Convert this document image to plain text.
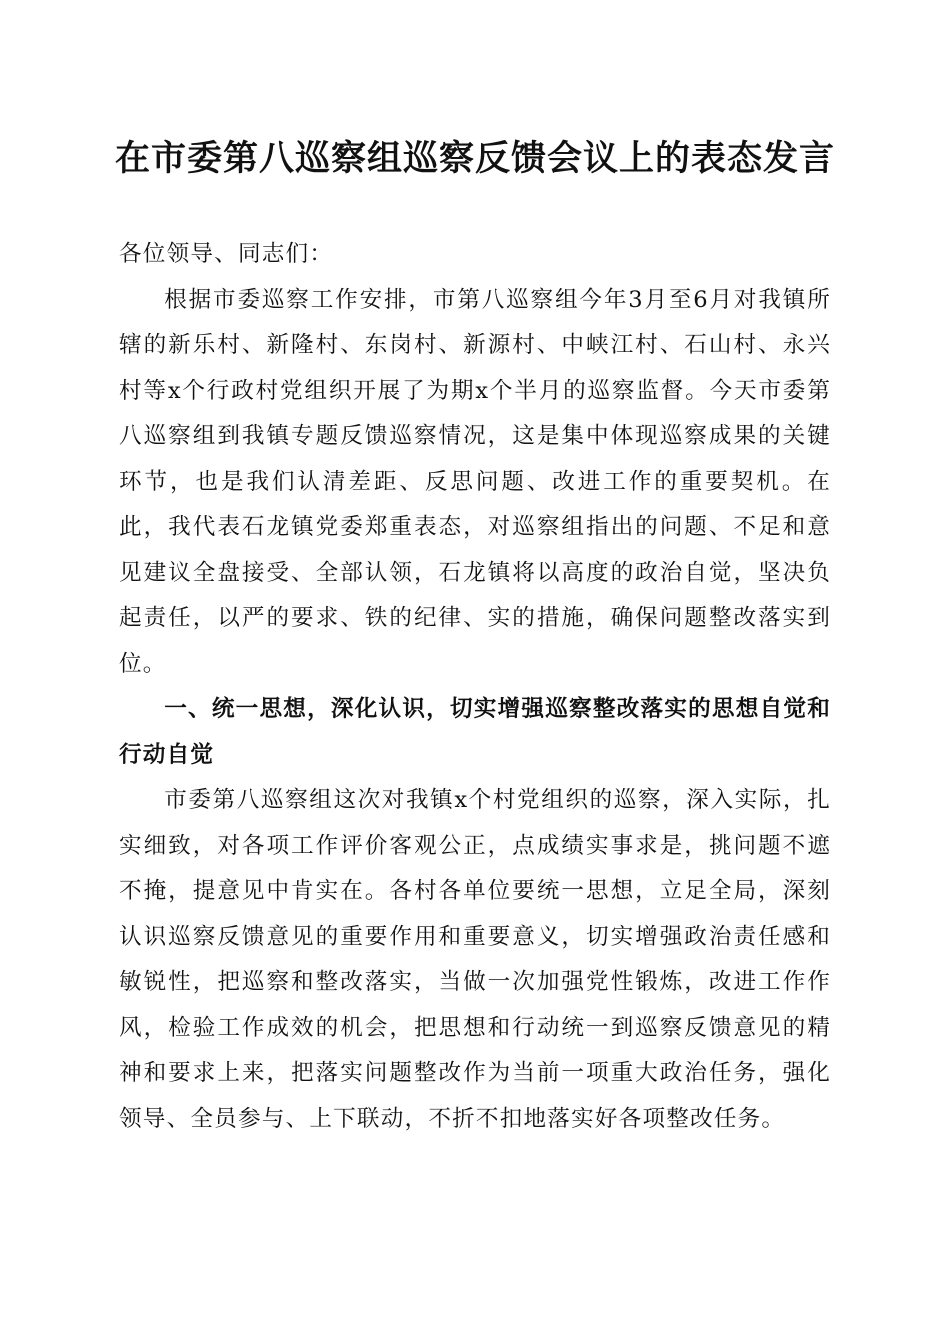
在市委第八巡察组巡察反馈会议上的表态发言

各位领导、同志们：

根据市委巡察工作安排，市第八巡察组今年3月至6月对我镇所辖的新乐村、新隆村、东岗村、新源村、中峡江村、石山村、永兴村等x个行政村党组织开展了为期x个半月的巡察监督。今天市委第八巡察组到我镇专题反馈巡察情况，这是集中体现巡察成果的关键环节，也是我们认清差距、反思问题、改进工作的重要契机。在此，我代表石龙镇党委郑重表态，对巡察组指出的问题、不足和意见建议全盘接受、全部认领，石龙镇将以高度的政治自觉，坚决负起责任，以严的要求、铁的纪律、实的措施，确保问题整改落实到位。

一、统一思想，深化认识，切实增强巡察整改落实的思想自觉和行动自觉

市委第八巡察组这次对我镇x个村党组织的巡察，深入实际，扎实细致，对各项工作评价客观公正，点成绩实事求是，挑问题不遮不掩，提意见中肯实在。各村各单位要统一思想，立足全局，深刻认识巡察反馈意见的重要作用和重要意义，切实增强政治责任感和敏锐性，把巡察和整改落实，当做一次加强党性锻炼，改进工作作风，检验工作成效的机会，把思想和行动统一到巡察反馈意见的精神和要求上来，把落实问题整改作为当前一项重大政治任务，强化领导、全员参与、上下联动，不折不扣地落实好各项整改任务。
